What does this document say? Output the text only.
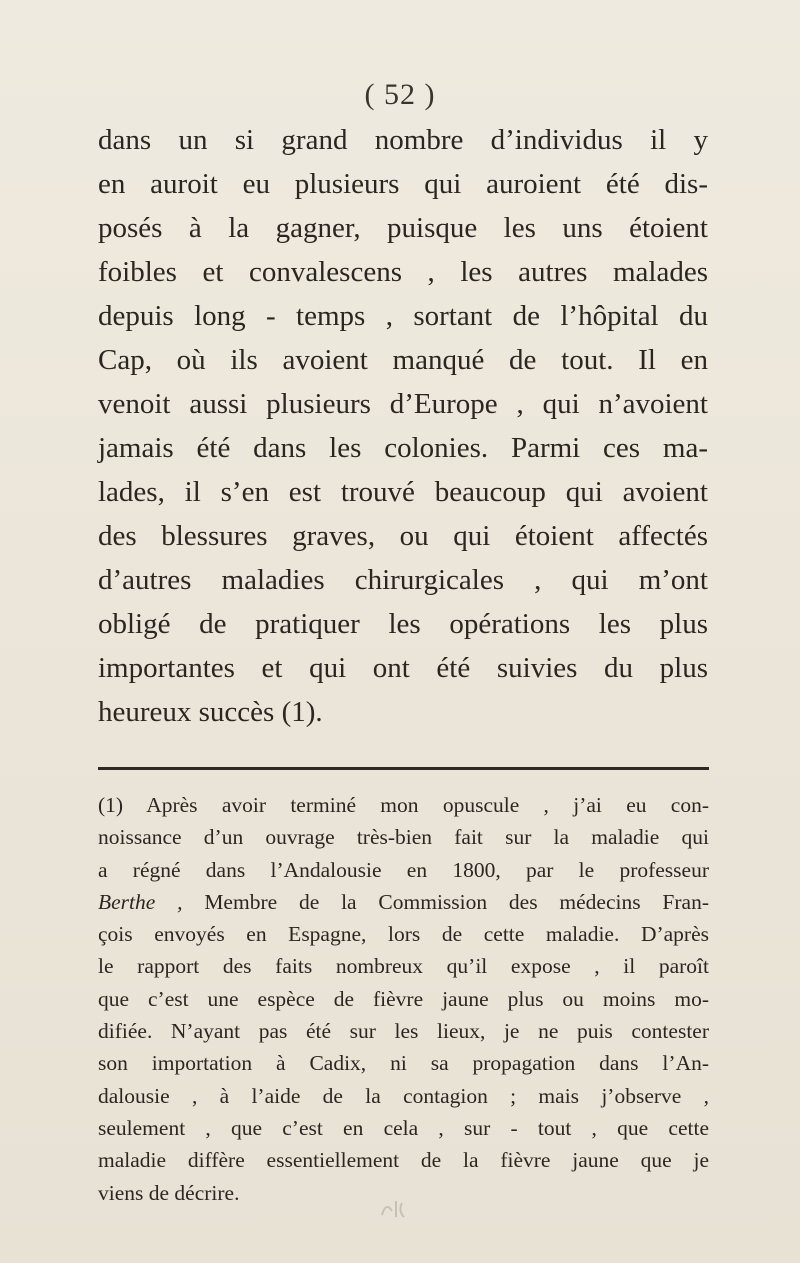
( 52 )
dans un si grand nombre d’individus il y
en auroit eu plusieurs qui auroient été dis-
posés à la gagner, puisque les uns étoient
foibles et convalescens , les autres malades
depuis long - temps , sortant de l’hôpital du
Cap, où ils avoient manqué de tout. Il en
venoit aussi plusieurs d’Europe , qui n’avoient
jamais été dans les colonies. Parmi ces ma-
lades, il s’en est trouvé beaucoup qui avoient
des blessures graves, ou qui étoient affectés
d’autres maladies chirurgicales , qui m’ont
obligé de pratiquer les opérations les plus
importantes et qui ont été suivies du plus
heureux succès (1).
(1) Après avoir terminé mon opuscule , j’ai eu con-
noissance d’un ouvrage très-bien fait sur la maladie qui
a régné dans l’Andalousie en 1800, par le professeur
Berthe , Membre de la Commission des médecins Fran-
çois envoyés en Espagne, lors de cette maladie. D’après
le rapport des faits nombreux qu’il expose , il paroît
que c’est une espèce de fièvre jaune plus ou moins mo-
difiée. N’ayant pas été sur les lieux, je ne puis contester
son importation à Cadix, ni sa propagation dans l’An-
dalousie , à l’aide de la contagion ; mais j’observe ,
seulement , que c’est en cela , sur - tout , que cette
maladie diffère essentiellement de la fièvre jaune que je
viens de décrire.
